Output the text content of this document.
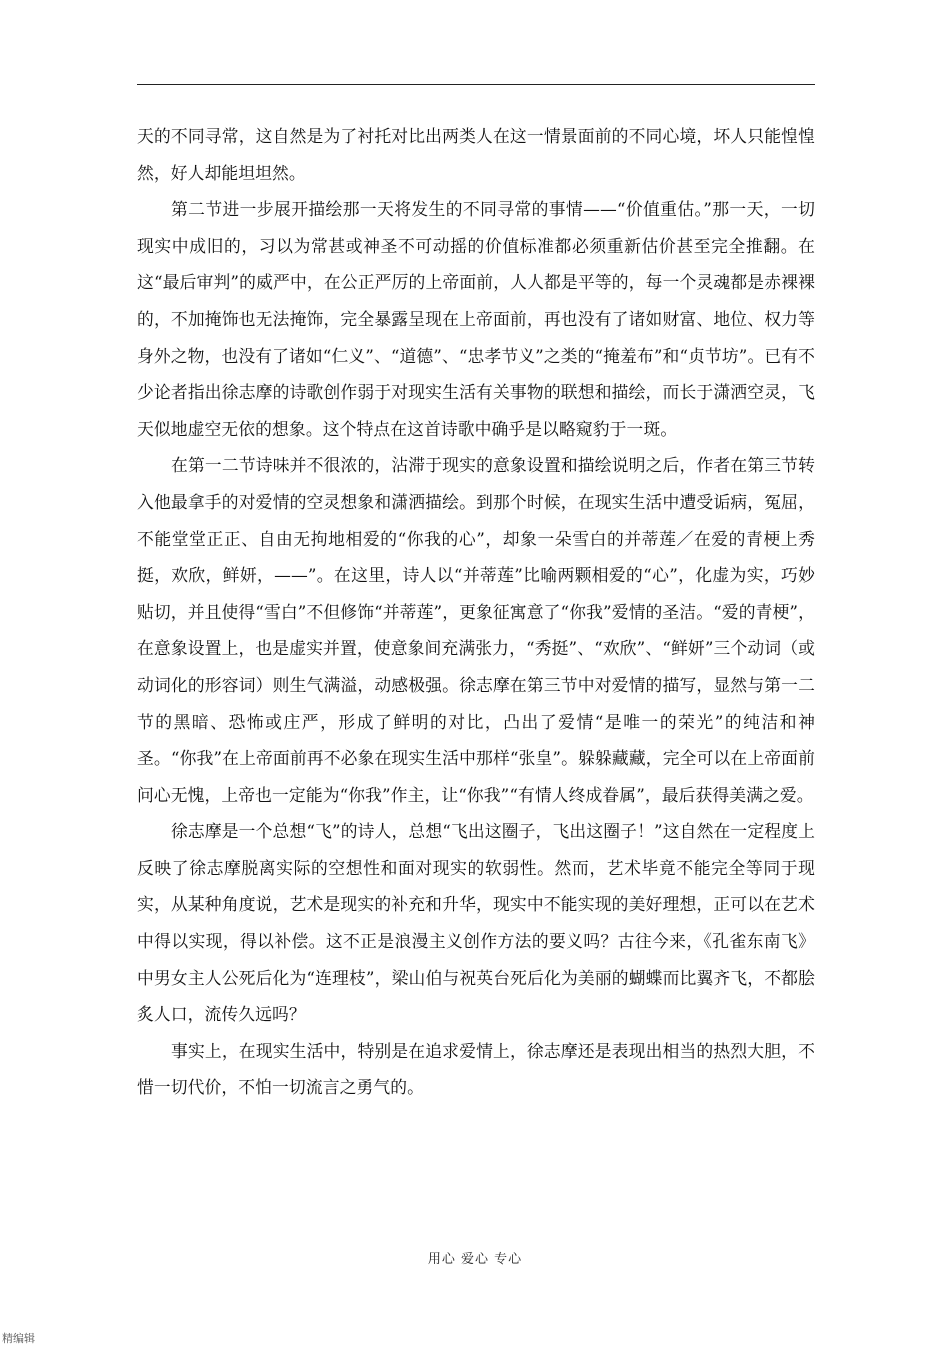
天的不同寻常，这自然是为了衬托对比出两类人在这一情景面前的不同心境，坏人只能惶惶然，好人却能坦坦然。

第二节进一步展开描绘那一天将发生的不同寻常的事情——“价值重估。”那一天，一切现实中成旧的，习以为常甚或神圣不可动摇的价值标准都必须重新估价甚至完全推翻。在这“最后审判”的威严中，在公正严厉的上帝面前，人人都是平等的，每一个灵魂都是赤裸裸的，不加掩饰也无法掩饰，完全暴露呈现在上帝面前，再也没有了诸如财富、地位、权力等身外之物，也没有了诸如“仁义”、“道德”、“忠孝节义”之类的“掩羞布”和“贞节坊”。已有不少论者指出徐志摩的诗歌创作弱于对现实生活有关事物的联想和描绘，而长于潇洒空灵，飞天似地虚空无依的想象。这个特点在这首诗歌中确乎是以略窥豹于一斑。

在第一二节诗味并不很浓的，沾滞于现实的意象设置和描绘说明之后，作者在第三节转入他最拿手的对爱情的空灵想象和潇洒描绘。到那个时候，在现实生活中遭受诟病，冤屈，不能堂堂正正、自由无拘地相爱的“你我的心”，却象一朵雪白的并蒂莲／在爱的青梗上秀挺，欢欣，鲜妍，——”。在这里，诗人以“并蒂莲”比喻两颗相爱的“心”，化虚为实，巧妙贴切，并且使得“雪白”不但修饰“并蒂莲”，更象征寓意了“你我”爱情的圣洁。“爱的青梗”，在意象设置上，也是虚实并置，使意象间充满张力，“秀挺”、“欢欣”、“鲜妍”三个动词（或动词化的形容词）则生气满溢，动感极强。徐志摩在第三节中对爱情的描写，显然与第一二节的黑暗、恐怖或庄严，形成了鲜明的对比，凸出了爱情“是唯一的荣光”的纯洁和神圣。“你我”在上帝面前再不必象在现实生活中那样“张皇”。躲躲藏藏，完全可以在上帝面前问心无愧，上帝也一定能为“你我”作主，让“你我”“有情人终成眷属”，最后获得美满之爱。

徐志摩是一个总想“飞”的诗人，总想“飞出这圈子，飞出这圈子！”这自然在一定程度上反映了徐志摩脱离实际的空想性和面对现实的软弱性。然而，艺术毕竟不能完全等同于现实，从某种角度说，艺术是现实的补充和升华，现实中不能实现的美好理想，正可以在艺术中得以实现，得以补偿。这不正是浪漫主义创作方法的要义吗？古往今来，《孔雀东南飞》中男女主人公死后化为“连理枝”，梁山伯与祝英台死后化为美丽的蝴蝶而比翼齐飞，不都脍炙人口，流传久远吗？

事实上，在现实生活中，特别是在追求爱情上，徐志摩还是表现出相当的热烈大胆，不惜一切代价，不怕一切流言之勇气的。

用心 爱心 专心
精编辑
